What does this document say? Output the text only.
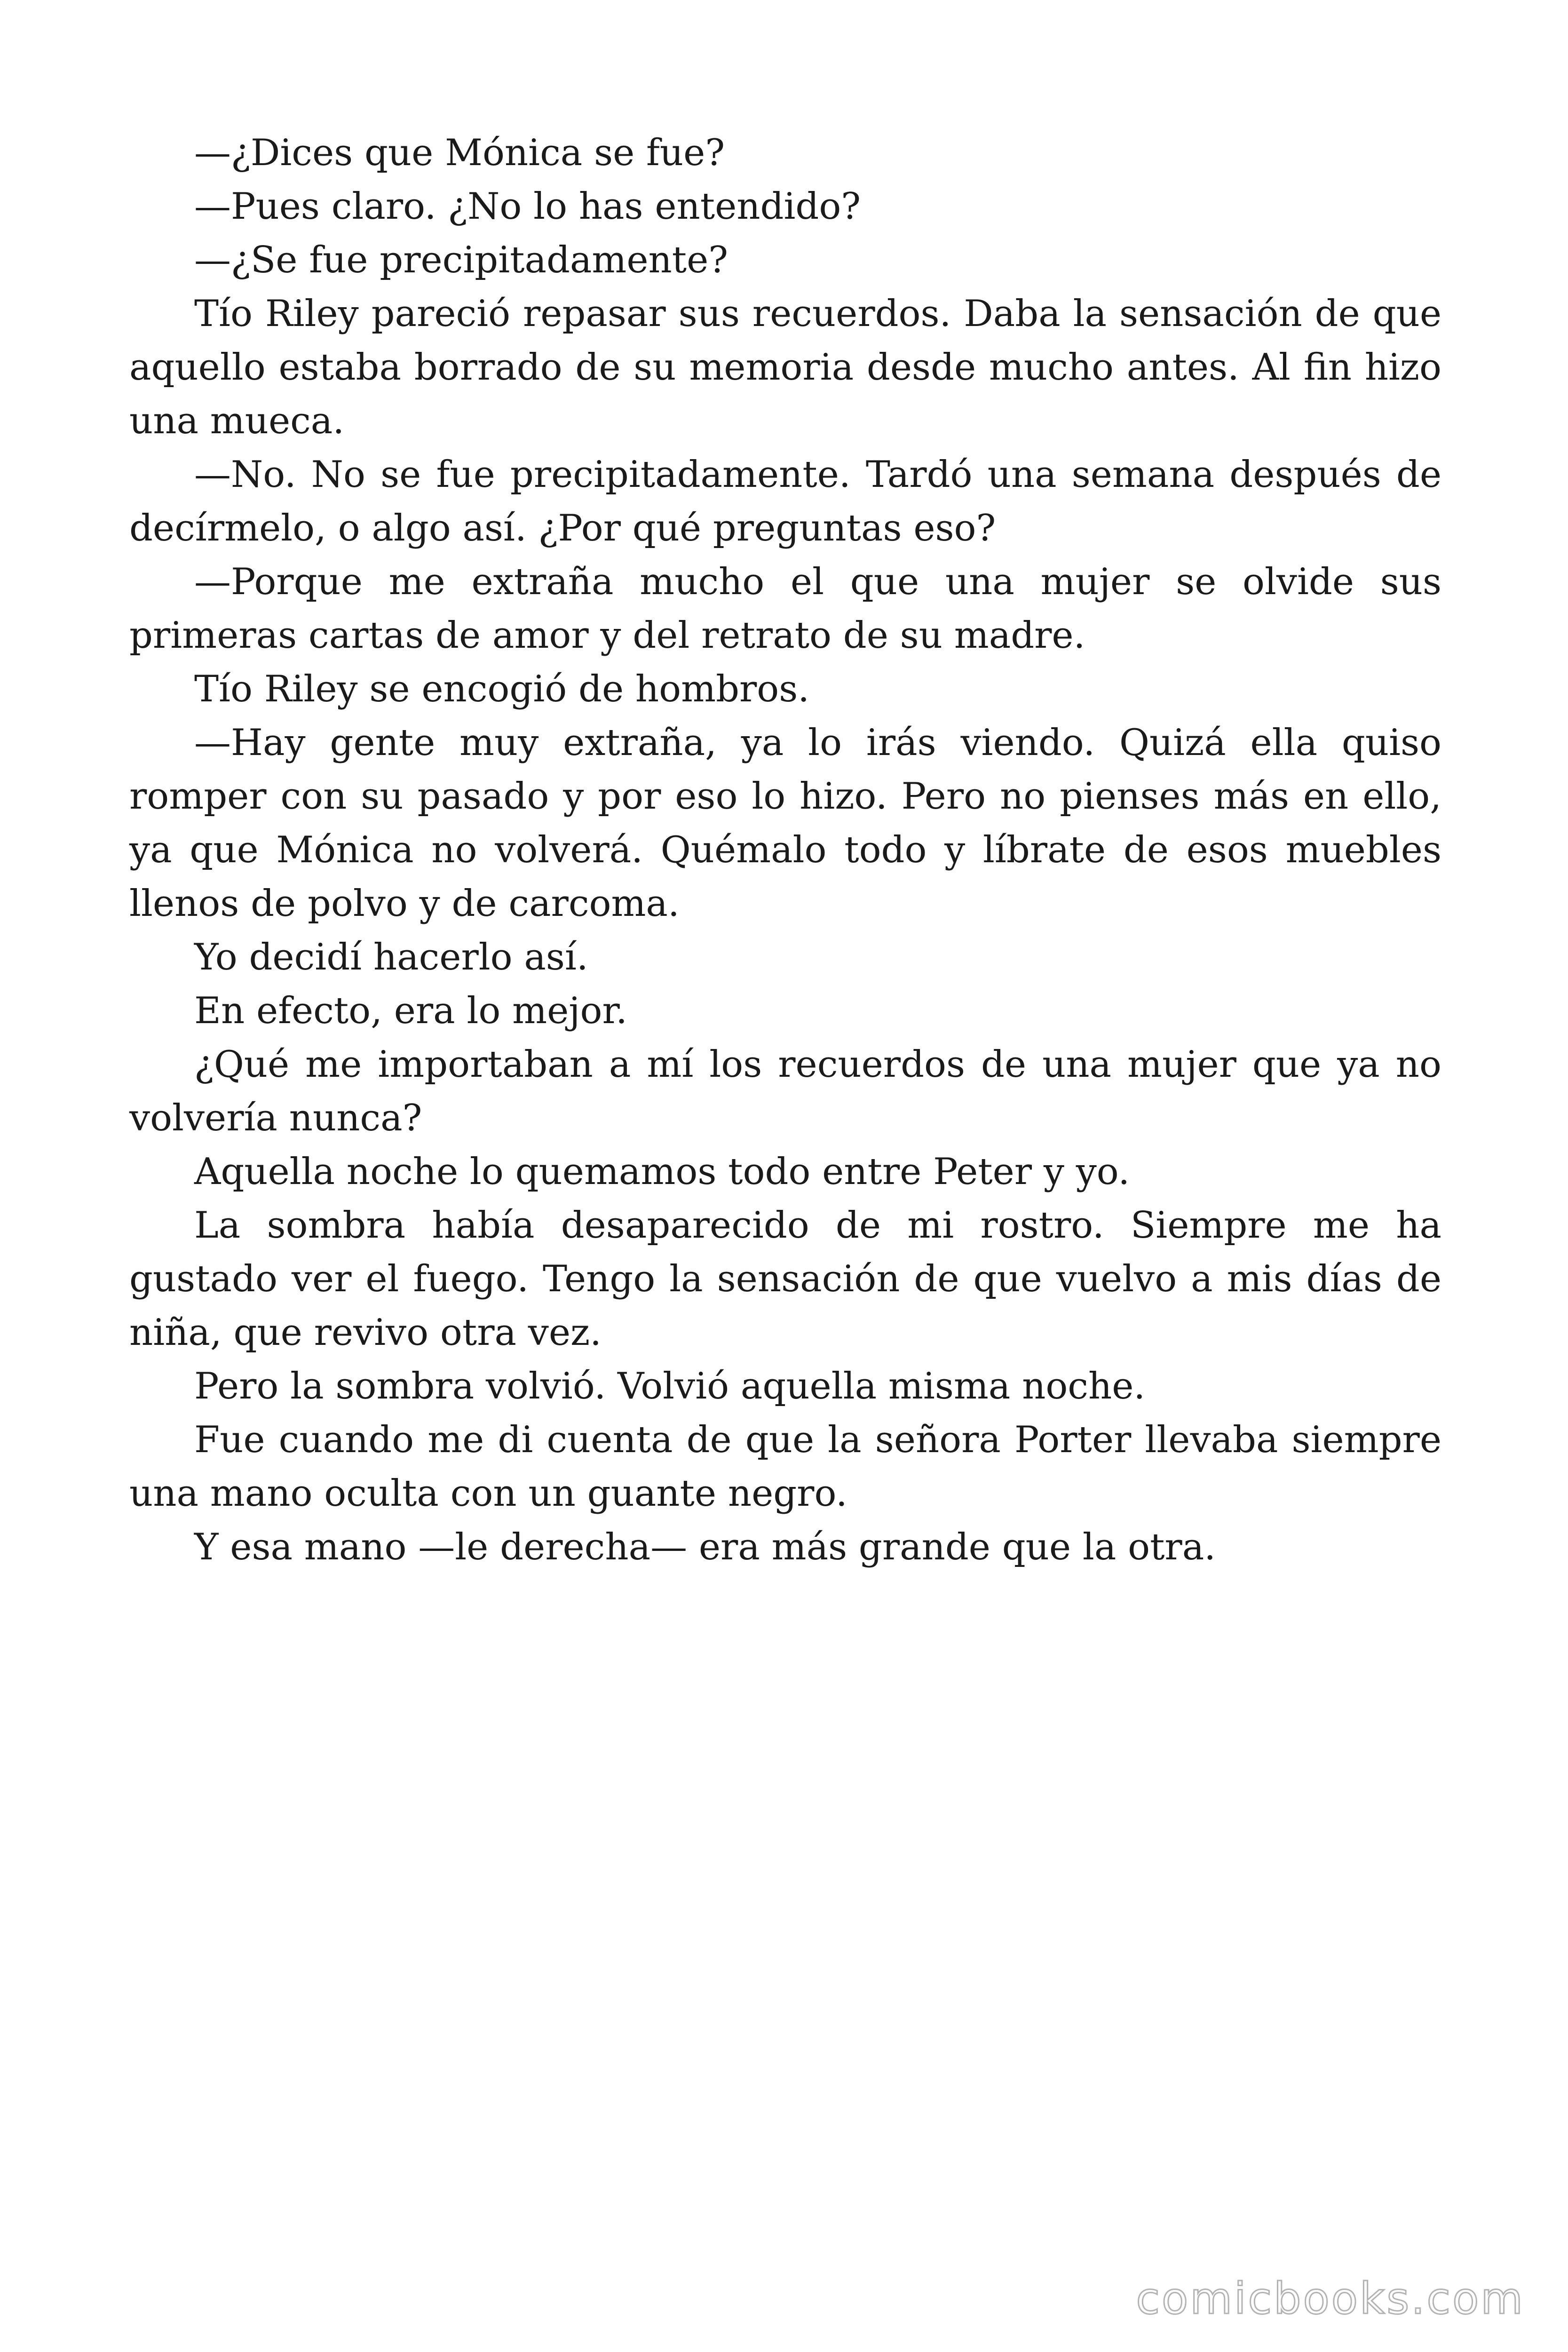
—¿Dices que Mónica se fue?

—Pues claro. ¿No lo has entendido?

—¿Se fue precipitadamente?

Tío Riley pareció repasar sus recuerdos. Daba la sensación de que aquello estaba borrado de su memoria desde mucho antes. Al fin hizo una mueca.

—No. No se fue precipitadamente. Tardó una semana después de decírmelo, o algo así. ¿Por qué preguntas eso?

—Porque me extraña mucho el que una mujer se olvide sus primeras cartas de amor y del retrato de su madre.

Tío Riley se encogió de hombros.

—Hay gente muy extraña, ya lo irás viendo. Quizá ella quiso romper con su pasado y por eso lo hizo. Pero no pienses más en ello, ya que Mónica no volverá. Quémalo todo y líbrate de esos muebles llenos de polvo y de carcoma.

Yo decidí hacerlo así.

En efecto, era lo mejor.

¿Qué me importaban a mí los recuerdos de una mujer que ya no volvería nunca?

Aquella noche lo quemamos todo entre Peter y yo.

La sombra había desaparecido de mi rostro. Siempre me ha gustado ver el fuego. Tengo la sensación de que vuelvo a mis días de niña, que revivo otra vez.

Pero la sombra volvió. Volvió aquella misma noche.

Fue cuando me di cuenta de que la señora Porter llevaba siempre una mano oculta con un guante negro.

Y esa mano —le derecha— era más grande que la otra.

comicbooks.com
